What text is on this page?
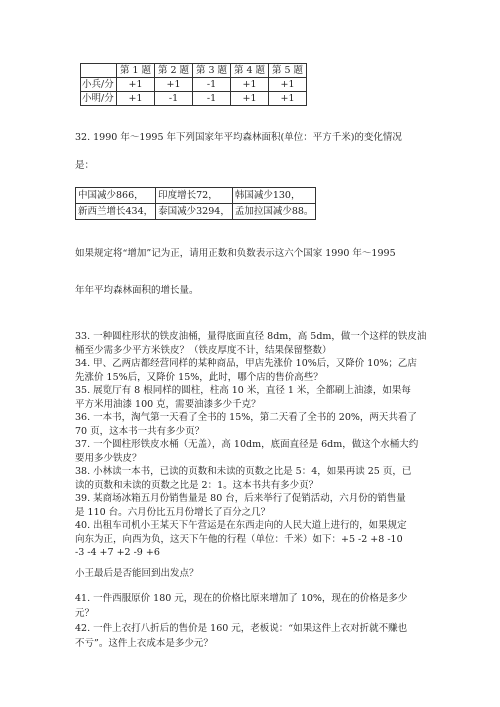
	第 1 题	第 2 题	第 3 题	第 4 题	第 5 题
小兵/分	+1	+1	-1	+1	+1
小明/分	+1	-1	-1	+1	+1
32. 1990 年～1995 年下列国家年平均森林面积(单位：平方千米)的变化情况
是：
中国减少866，	印度增长72，	韩国减少130，
新西兰增长434，	泰国减少3294，	孟加拉国减少88。
如果规定将“增加”记为正，请用正数和负数表示这六个国家 1990 年～1995
年年平均森林面积的增长量。
33. 一种圆柱形状的铁皮油桶，量得底面直径 8dm，高 5dm，做一个这样的铁皮油
桶至少需多少平方米铁皮？（铁皮厚度不计，结果保留整数）
34. 甲、乙两店都经营同样的某种商品，甲店先涨价 10%后，又降价 10%；乙店
先涨价 15%后，又降价 15%，此时，哪个店的售价高些？
35. 展览厅有 8 根同样的圆柱，柱高 10 米，直径 1 米，全都刷上油漆，如果每
平方米用油漆 100 克，需要油漆多少千克？
36. 一本书，淘气第一天看了全书的 15%，第二天看了全书的 20%，两天共看了
70 页，这本书一共有多少页？
37. 一个圆柱形铁皮水桶（无盖），高 10dm，底面直径是 6dm，做这个水桶大约
要用多少铁皮？
38. 小林读一本书，已读的页数和未读的页数之比是 5：4，如果再读 25 页，已
读的页数和未读的页数之比是 2：1。这本书共有多少页？
39. 某商场冰箱五月份销售量是 80 台，后来举行了促销活动，六月份的销售量
是 110 台。六月份比五月份增长了百分之几？
40. 出租车司机小王某天下午营运是在东西走向的人民大道上进行的，如果规定
向东为正，向西为负，这天下午他的行程（单位：千米）如下：+5 -2 +8 -10
-3 -4 +7 +2 -9 +6
小王最后是否能回到出发点？
41. 一件西服原价 180 元，现在的价格比原来增加了 10%，现在的价格是多少
元？
42. 一件上衣打八折后的售价是 160 元，老板说：“如果这件上衣对折就不赚也
不亏”。这件上衣成本是多少元？
